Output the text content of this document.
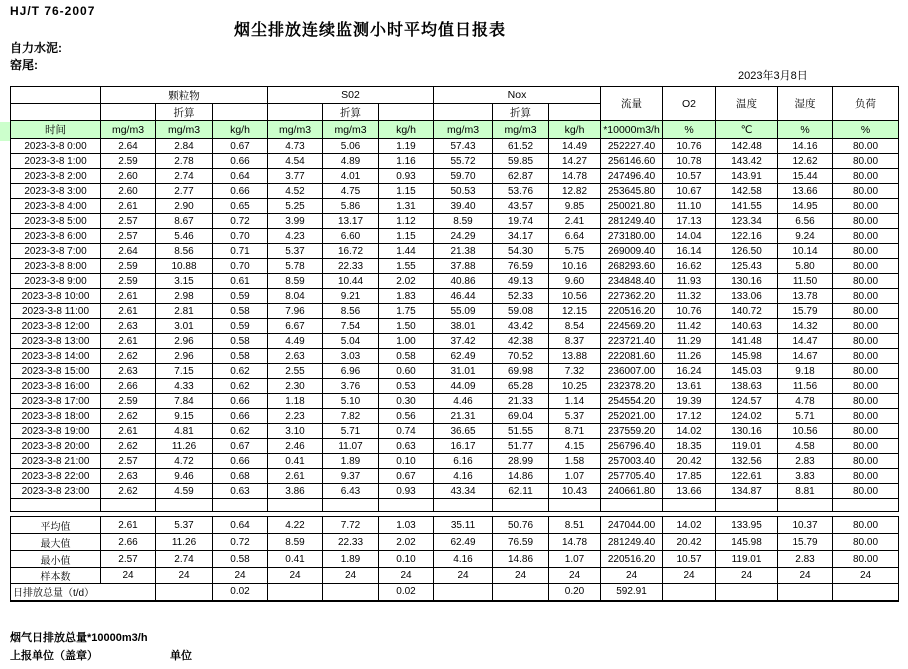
HJ/T 76-2007
烟尘排放连续监测小时平均值日报表
自力水泥:
窑尾:
2023年3月8日
	颗粒物			S02			Nox			流量	O2	温度	湿度	负荷
		折算			折算			折算						
时间	mg/m3	mg/m3	kg/h	mg/m3	mg/m3	kg/h	mg/m3	mg/m3	kg/h	*10000m3/h	%	℃	%	%
2023-3-8 0:00	2.64	2.84	0.67	4.73	5.06	1.19	57.43	61.52	14.49	252227.40	10.76	142.48	14.16	80.00
2023-3-8 1:00	2.59	2.78	0.66	4.54	4.89	1.16	55.72	59.85	14.27	256146.60	10.78	143.42	12.62	80.00
2023-3-8 2:00	2.60	2.74	0.64	3.77	4.01	0.93	59.70	62.87	14.78	247496.40	10.57	143.91	15.44	80.00
2023-3-8 3:00	2.60	2.77	0.66	4.52	4.75	1.15	50.53	53.76	12.82	253645.80	10.67	142.58	13.66	80.00
2023-3-8 4:00	2.61	2.90	0.65	5.25	5.86	1.31	39.40	43.57	9.85	250021.80	11.10	141.55	14.95	80.00
2023-3-8 5:00	2.57	8.67	0.72	3.99	13.17	1.12	8.59	19.74	2.41	281249.40	17.13	123.34	6.56	80.00
2023-3-8 6:00	2.57	5.46	0.70	4.23	6.60	1.15	24.29	34.17	6.64	273180.00	14.04	122.16	9.24	80.00
2023-3-8 7:00	2.64	8.56	0.71	5.37	16.72	1.44	21.38	54.30	5.75	269009.40	16.14	126.50	10.14	80.00
2023-3-8 8:00	2.59	10.88	0.70	5.78	22.33	1.55	37.88	76.59	10.16	268293.60	16.62	125.43	5.80	80.00
2023-3-8 9:00	2.59	3.15	0.61	8.59	10.44	2.02	40.86	49.13	9.60	234848.40	11.93	130.16	11.50	80.00
2023-3-8 10:00	2.61	2.98	0.59	8.04	9.21	1.83	46.44	52.33	10.56	227362.20	11.32	133.06	13.78	80.00
2023-3-8 11:00	2.61	2.81	0.58	7.96	8.56	1.75	55.09	59.08	12.15	220516.20	10.76	140.72	15.79	80.00
2023-3-8 12:00	2.63	3.01	0.59	6.67	7.54	1.50	38.01	43.42	8.54	224569.20	11.42	140.63	14.32	80.00
2023-3-8 13:00	2.61	2.96	0.58	4.49	5.04	1.00	37.42	42.38	8.37	223721.40	11.29	141.48	14.47	80.00
2023-3-8 14:00	2.62	2.96	0.58	2.63	3.03	0.58	62.49	70.52	13.88	222081.60	11.26	145.98	14.67	80.00
2023-3-8 15:00	2.63	7.15	0.62	2.55	6.96	0.60	31.01	69.98	7.32	236007.00	16.24	145.03	9.18	80.00
2023-3-8 16:00	2.66	4.33	0.62	2.30	3.76	0.53	44.09	65.28	10.25	232378.20	13.61	138.63	11.56	80.00
2023-3-8 17:00	2.59	7.84	0.66	1.18	5.10	0.30	4.46	21.33	1.14	254554.20	19.39	124.57	4.78	80.00
2023-3-8 18:00	2.62	9.15	0.66	2.23	7.82	0.56	21.31	69.04	5.37	252021.00	17.12	124.02	5.71	80.00
2023-3-8 19:00	2.61	4.81	0.62	3.10	5.71	0.74	36.65	51.55	8.71	237559.20	14.02	130.16	10.56	80.00
2023-3-8 20:00	2.62	11.26	0.67	2.46	11.07	0.63	16.17	51.77	4.15	256796.40	18.35	119.01	4.58	80.00
2023-3-8 21:00	2.57	4.72	0.66	0.41	1.89	0.10	6.16	28.99	1.58	257003.40	20.42	132.56	2.83	80.00
2023-3-8 22:00	2.63	9.46	0.68	2.61	9.37	0.67	4.16	14.86	1.07	257705.40	17.85	122.61	3.83	80.00
2023-3-8 23:00	2.62	4.59	0.63	3.86	6.43	0.93	43.34	62.11	10.43	240661.80	13.66	134.87	8.81	80.00

平均值	2.61	5.37	0.64	4.22	7.72	1.03	35.11	50.76	8.51	247044.00	14.02	133.95	10.37	80.00
最大值	2.66	11.26	0.72	8.59	22.33	2.02	62.49	76.59	14.78	281249.40	20.42	145.98	15.79	80.00
最小值	2.57	2.74	0.58	0.41	1.89	0.10	4.16	14.86	1.07	220516.20	10.57	119.01	2.83	80.00
样本数	24	24	24	24	24	24	24	24	24	24	24	24	24	24
日排放总量（t/d）			0.02			0.02			0.20	592.91				
烟气日排放总量*10000m3/h
上报单位（盖章）	单位
